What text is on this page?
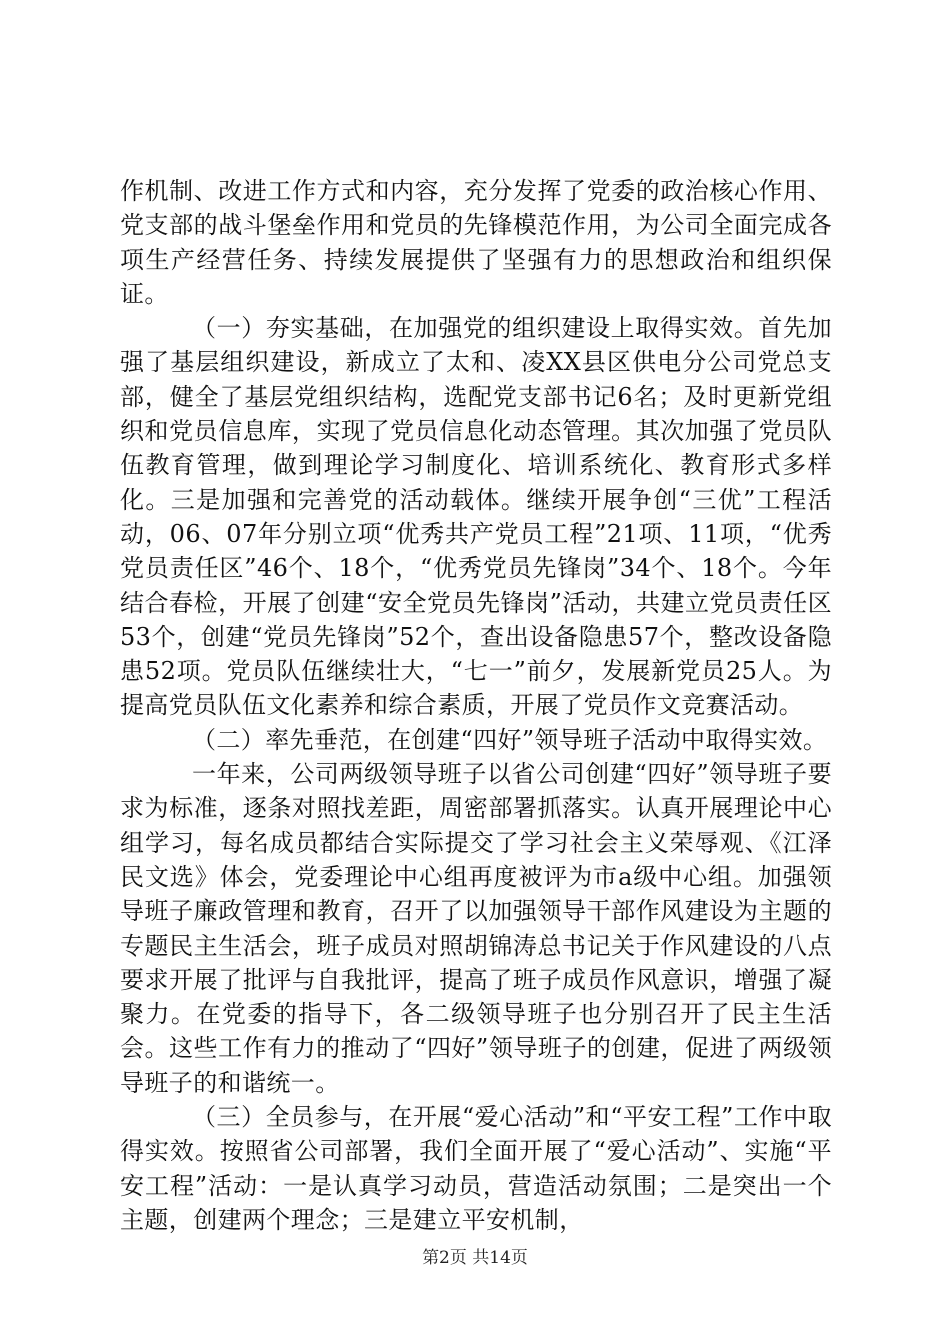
作机制、改进工作方式和内容，充分发挥了党委的政治核心作用、党支部的战斗堡垒作用和党员的先锋模范作用，为公司全面完成各项生产经营任务、持续发展提供了坚强有力的思想政治和组织保证。

（一）夯实基础，在加强党的组织建设上取得实效。首先加强了基层组织建设，新成立了太和、凌XX县区供电分公司党总支部，健全了基层党组织结构，选配党支部书记6名；及时更新党组织和党员信息库，实现了党员信息化动态管理。其次加强了党员队伍教育管理，做到理论学习制度化、培训系统化、教育形式多样化。三是加强和完善党的活动载体。继续开展争创“三优”工程活动，06、07年分别立项“优秀共产党员工程”21项、11项，“优秀党员责任区”46个、18个，“优秀党员先锋岗”34个、18个。今年结合春检，开展了创建“安全党员先锋岗”活动，共建立党员责任区53个，创建“党员先锋岗”52个，查出设备隐患57个，整改设备隐患52项。党员队伍继续壮大，“七一”前夕，发展新党员25人。为提高党员队伍文化素养和综合素质，开展了党员作文竞赛活动。

（二）率先垂范，在创建“四好”领导班子活动中取得实效。

一年来，公司两级领导班子以省公司创建“四好”领导班子要求为标准，逐条对照找差距，周密部署抓落实。认真开展理论中心组学习，每名成员都结合实际提交了学习社会主义荣辱观、《江泽民文选》体会，党委理论中心组再度被评为市a级中心组。加强领导班子廉政管理和教育，召开了以加强领导干部作风建设为主题的专题民主生活会，班子成员对照胡锦涛总书记关于作风建设的八点要求开展了批评与自我批评，提高了班子成员作风意识，增强了凝聚力。在党委的指导下，各二级领导班子也分别召开了民主生活会。这些工作有力的推动了“四好”领导班子的创建，促进了两级领导班子的和谐统一。

（三）全员参与，在开展“爱心活动”和“平安工程”工作中取得实效。按照省公司部署，我们全面开展了“爱心活动”、实施“平安工程”活动：一是认真学习动员，营造活动氛围；二是突出一个主题，创建两个理念；三是建立平安机制，

第2页 共14页
